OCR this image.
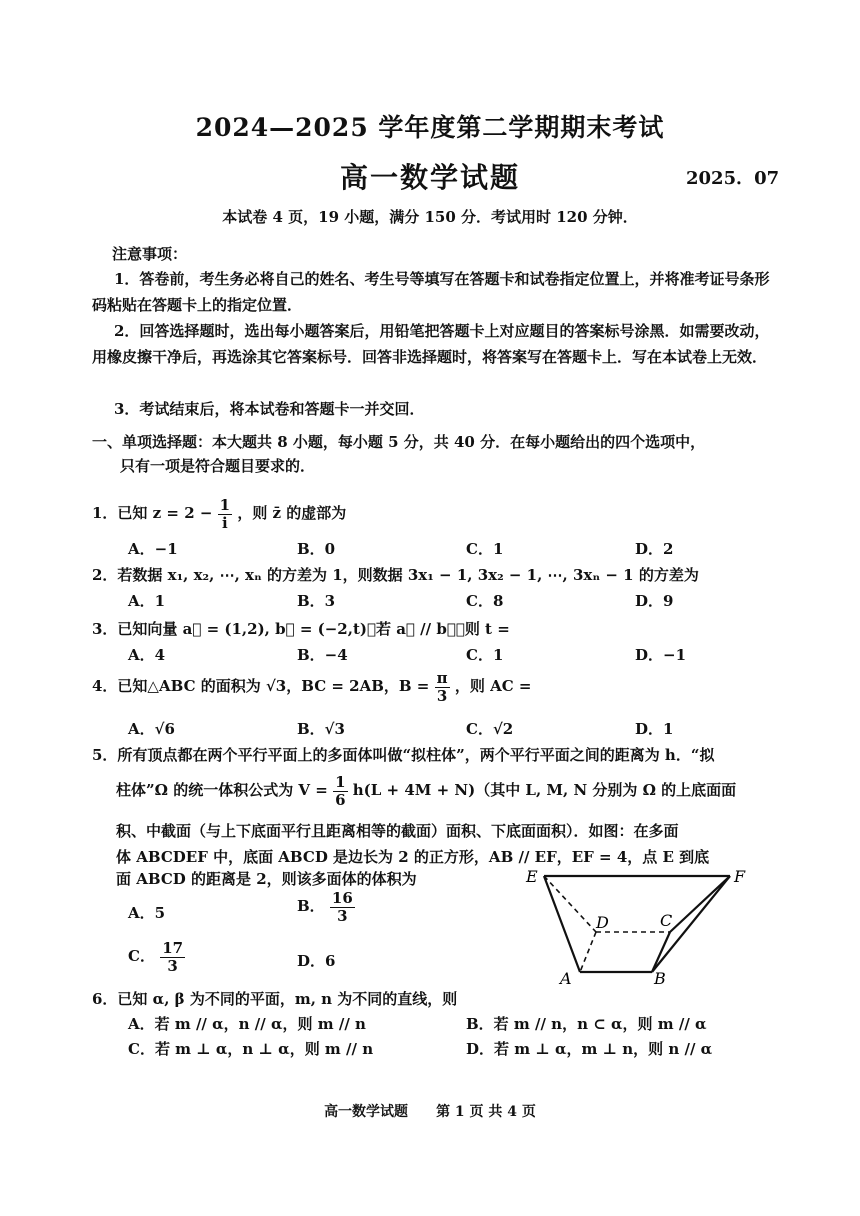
2024—2025 学年度第二学期期末考试
高一数学试题	2025．07
本试卷 4 页，19 小题，满分 150 分．考试用时 120 分钟．
注意事项：
1．答卷前，考生务必将自己的姓名、考生号等填写在答题卡和试卷指定位置上，并将准考证号条形码粘贴在答题卡上的指定位置．
2．回答选择题时，选出每小题答案后，用铅笔把答题卡上对应题目的答案标号涂黑．如需要改动，用橡皮擦干净后，再选涂其它答案标号．回答非选择题时，将答案写在答题卡上．写在本试卷上无效．
3．考试结束后，将本试卷和答题卡一并交回．
一、单项选择题：本大题共 8 小题，每小题 5 分，共 40 分．在每小题给出的四个选项中，
只有一项是符合题目要求的．
1．已知 $z = 2 - \frac{1}{i}$ ，则 z̄ 的虚部为
A．−1	B．0	C．1	D．2
2．若数据 x₁, x₂, ⋯, xₙ 的方差为 1，则数据 3x₁ − 1, 3x₂ − 1, ⋯, 3xₙ − 1 的方差为
A．1	B．3	C．8	D．9
3．已知向量 a⃗ = (1,2), b⃗ = (−2,t)，若 a⃗ // b⃗，则 t =
A．4	B．−4	C．1	D．−1
4．已知△ABC 的面积为 √3，BC = 2AB，$B = \frac{\pi}{3}$ ，则 AC =
A．√6	B．√3	C．√2	D．1
5．所有顶点都在两个平行平面上的多面体叫做“拟柱体”，两个平行平面之间的距离为 h．“拟
柱体”Ω 的统一体积公式为 $V = \frac{1}{6} h(L + 4M + N)$（其中 L, M, N 分别为 Ω 的上底面面
积、中截面（与上下底面平行且距离相等的截面）面积、下底面面积）．如图：在多面
体 ABCDEF 中，底面 ABCD 是边长为 2 的正方形，AB // EF，EF = 4，点 E 到底
面 ABCD 的距离是 2，则该多面体的体积为
A．5	B． $\frac{16}{3}$
C． $\frac{17}{3}$	D．6
E	F
D	C
A	B
6．已知 α, β 为不同的平面，m, n 为不同的直线，则
A．若 m // α，n // α，则 m // n	B．若 m // n，n ⊂ α，则 m // α
C．若 m ⊥ α，n ⊥ α，则 m // n	D．若 m ⊥ α，m ⊥ n，则 n // α
高一数学试题 第 1 页 共 4 页
